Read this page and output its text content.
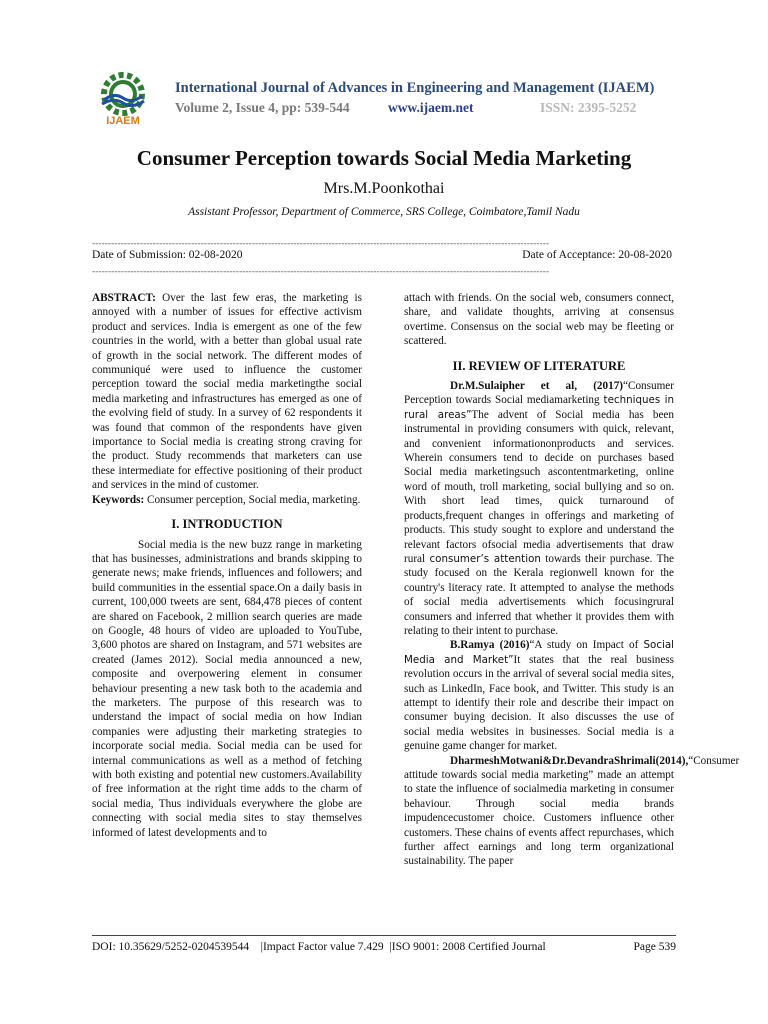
IJAEM
International Journal of Advances in Engineering and Management (IJAEM)
Volume 2, Issue 4, pp: 539-544	www.ijaem.net	ISSN: 2395-5252
Consumer Perception towards Social Media Marketing
Mrs.M.Poonkothai
Assistant Professor, Department of Commerce, SRS College, Coimbatore,Tamil Nadu
-----------------------------------------------------------------------------------------------------------------------------------------------
Date of Submission: 02-08-2020	Date of Acceptance: 20-08-2020
-----------------------------------------------------------------------------------------------------------------------------------------------

ABSTRACT: Over the last few eras, the marketing is annoyed with a number of issues for effective activism product and services. India is emergent as one of the few countries in the world, with a better than global usual rate of growth in the social network. The different modes of communiqué were used to influence the customer perception toward the social media marketingthe social media marketing and infrastructures has emerged as one of the evolving field of study. In a survey of 62 respondents it was found that common of the respondents have given importance to Social media is creating strong craving for the product. Study recommends that marketers can use these intermediate for effective positioning of their product and services in the mind of customer.

Keywords: Consumer perception, Social media, marketing.

I. INTRODUCTION

Social media is the new buzz range in marketing that has businesses, administrations and brands skipping to generate news; make friends, influences and followers; and build communities in the essential space.On a daily basis in current, 100,000 tweets are sent, 684,478 pieces of content are shared on Facebook, 2 million search queries are made on Google, 48 hours of video are uploaded to YouTube, 3,600 photos are shared on Instagram, and 571 websites are created (James 2012). Social media announced a new, composite and overpowering element in consumer behaviour presenting a new task both to the academia and the marketers. The purpose of this research was to understand the impact of social media on how Indian companies were adjusting their marketing strategies to incorporate social media. Social media can be used for internal communications as well as a method of fetching with both existing and potential new customers.Availability of free information at the right time adds to the charm of social media, Thus individuals everywhere the globe are connecting with social media sites to stay themselves informed of latest developments and to

attach with friends. On the social web, consumers connect, share, and validate thoughts, arriving at consensus overtime. Consensus on the social web may be fleeting or scattered.

II. REVIEW OF LITERATURE

Dr.M.Sulaipher et al, (2017)“Consumer Perception towards Social mediamarketing techniques in rural areas”The advent of Social media has been instrumental in providing consumers with quick, relevant, and convenient informationonproducts and services. Wherein consumers tend to decide on purchases based Social media marketingsuch ascontentmarketing, online word of mouth, troll marketing, social bullying and so on. With short lead times, quick turnaround of products,frequent changes in offerings and marketing of products. This study sought to explore and understand the relevant factors ofsocial media advertisements that draw rural consumer’s attention towards their purchase. The study focused on the Kerala regionwell known for the country's literacy rate. It attempted to analyse the methods of social media advertisements which focusingrural consumers and inferred that whether it provides them with relating to their intent to purchase.

B.Ramya (2016)“A study on Impact of Social Media and Market”It states that the real business revolution occurs in the arrival of several social media sites, such as LinkedIn, Face book, and Twitter. This study is an attempt to identify their role and describe their impact on consumer buying decision. It also discusses the use of social media websites in businesses. Social media is a genuine game changer for market.

DharmeshMotwani&Dr.DevandraShrimali(2014),“Consumer attitude towards social media marketing” made an attempt to state the influence of socialmedia marketing in consumer behaviour. Through social media brands impudencecustomer choice. Customers influence other customers. These chains of events affect repurchases, which further affect earnings and long term organizational sustainability. The paper

DOI: 10.35629/5252-0204539544 |Impact Factor value 7.429 |ISO 9001: 2008 Certified Journal	Page 539
